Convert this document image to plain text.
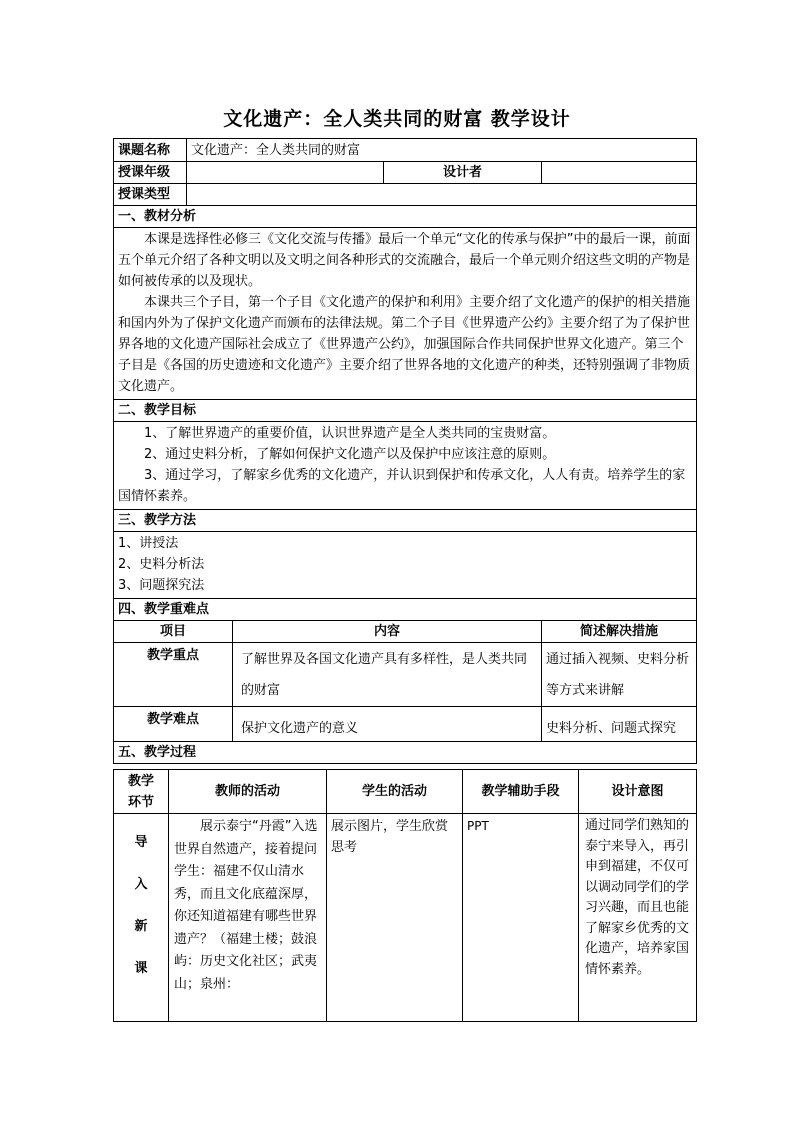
文化遗产：全人类共同的财富 教学设计
课题名称	文化遗产：全人类共同的财富			
授课年级			设计者	
授课类型				
一、教材分析				

本课是选择性必修三《文化交流与传播》最后一个单元“文化的传承与保护”中的最后一课，前面五个单元介绍了各种文明以及文明之间各种形式的交流融合，最后一个单元则介绍这些文明的产物是如何被传承的以及现状。

本课共三个子目，第一个子目《文化遗产的保护和利用》主要介绍了文化遗产的保护的相关措施和国内外为了保护文化遗产而颁布的法律法规。第二个子目《世界遗产公约》主要介绍了为了保护世界各地的文化遗产国际社会成立了《世界遗产公约》，加强国际合作共同保护世界文化遗产。第三个子目是《各国的历史遗迹和文化遗产》主要介绍了世界各地的文化遗产的种类，还特别强调了非物质文化遗产。				

二、教学目标				

1、了解世界遗产的重要价值，认识世界遗产是全人类共同的宝贵财富。

2、通过史料分析，了解如何保护文化遗产以及保护中应该注意的原则。

3、通过学习，了解家乡优秀的文化遗产，并认识到保护和传承文化，人人有责。培养学生的家国情怀素养。				

三、教学方法				

1、讲授法

2、史料分析法

3、问题探究法				

四、教学重难点				
项目		内容		简述解决措施
教学重点		了解世界及各国文化遗产具有多样性，是人类共同的财富		通过插入视频、史料分析等方式来讲解
教学难点		保护文化遗产的意义		史料分析、问题式探究
五、教学过程				
教学环节	教师的活动	学生的活动	教学辅助手段	设计意图

导
入
新
课	展示泰宁“丹霞”入选世界自然遗产，接着提问学生：福建不仅山清水秀，而且文化底蕴深厚，你还知道福建有哪些世界遗产？（福建土楼；鼓浪屿：历史文化社区；武夷山；泉州：	展示图片，学生欣赏思考	PPT	通过同学们熟知的泰宁来导入，再引申到福建，不仅可以调动同学们的学习兴趣，而且也能了解家乡优秀的文化遗产，培养家国情怀素养。
